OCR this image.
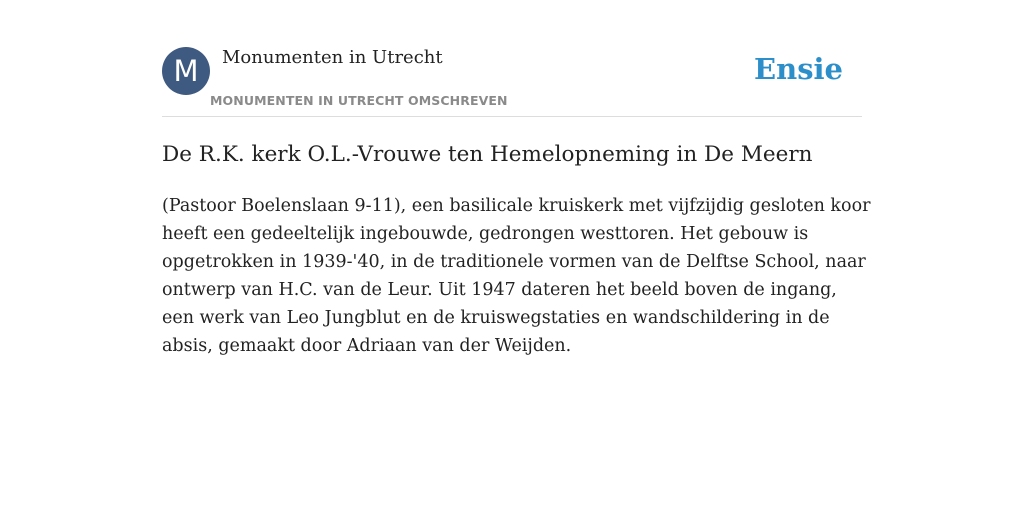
M	Monumenten in Utrecht
MONUMENTEN IN UTRECHT OMSCHREVEN
Ensie
De R.K. kerk O.L.-Vrouwe ten Hemelopneming in De Meern

(Pastoor Boelenslaan 9-11), een basilicale kruiskerk met vijfzijdig gesloten koor heeft een gedeeltelijk ingebouwde, gedrongen westtoren. Het gebouw is opgetrokken in 1939-'40, in de traditionele vormen van de Delftse School, naar ontwerp van H.C. van de Leur. Uit 1947 dateren het beeld boven de ingang, een werk van Leo Jungblut en de kruiswegstaties en wandschildering in de absis, gemaakt door Adriaan van der Weijden.
